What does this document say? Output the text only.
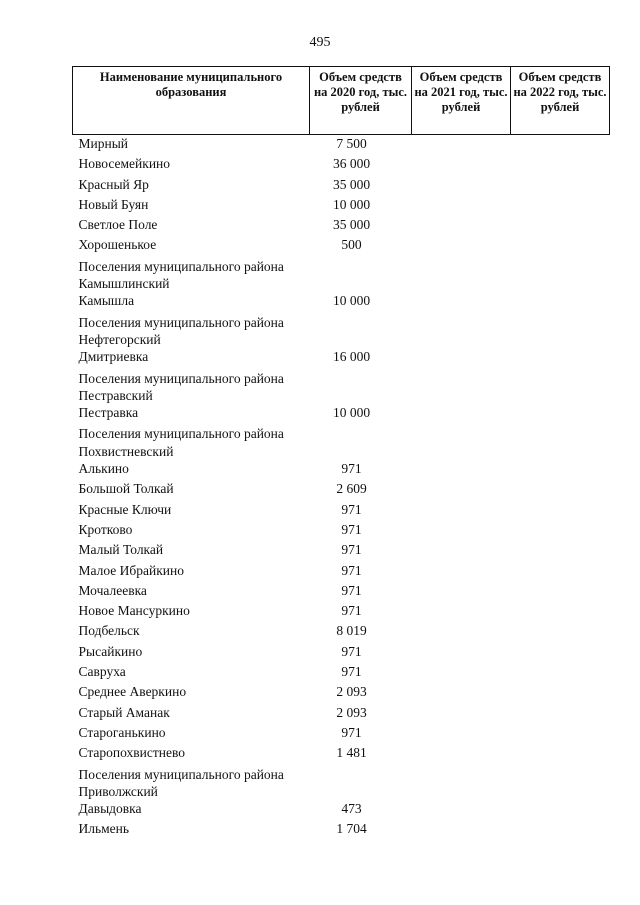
495
Наименование муниципального образования	Объем средств на 2020 год, тыс. рублей	Объем средств на 2021 год, тыс. рублей	Объем средств на 2022 год, тыс. рублей
Мирный	7 500		
Новосемейкино	36 000		
Красный Яр	35 000		
Новый Буян	10 000		
Светлое Поле	35 000		
Хорошенькое	500		
Поселения муниципального района Камышлинский			
Камышла	10 000		
Поселения муниципального района Нефтегорский			
Дмитриевка	16 000		
Поселения муниципального района Пестравский			
Пестравка	10 000		
Поселения муниципального района Похвистневский			
Алькино	971		
Большой Толкай	2 609		
Красные Ключи	971		
Кротково	971		
Малый Толкай	971		
Малое Ибрайкино	971		
Мочалеевка	971		
Новое Мансуркино	971		
Подбельск	8 019		
Рысайкино	971		
Савруха	971		
Среднее Аверкино	2 093		
Старый Аманак	2 093		
Староганькино	971		
Старопохвистнево	1 481		
Поселения муниципального района Приволжский			
Давыдовка	473		
Ильмень	1 704		
